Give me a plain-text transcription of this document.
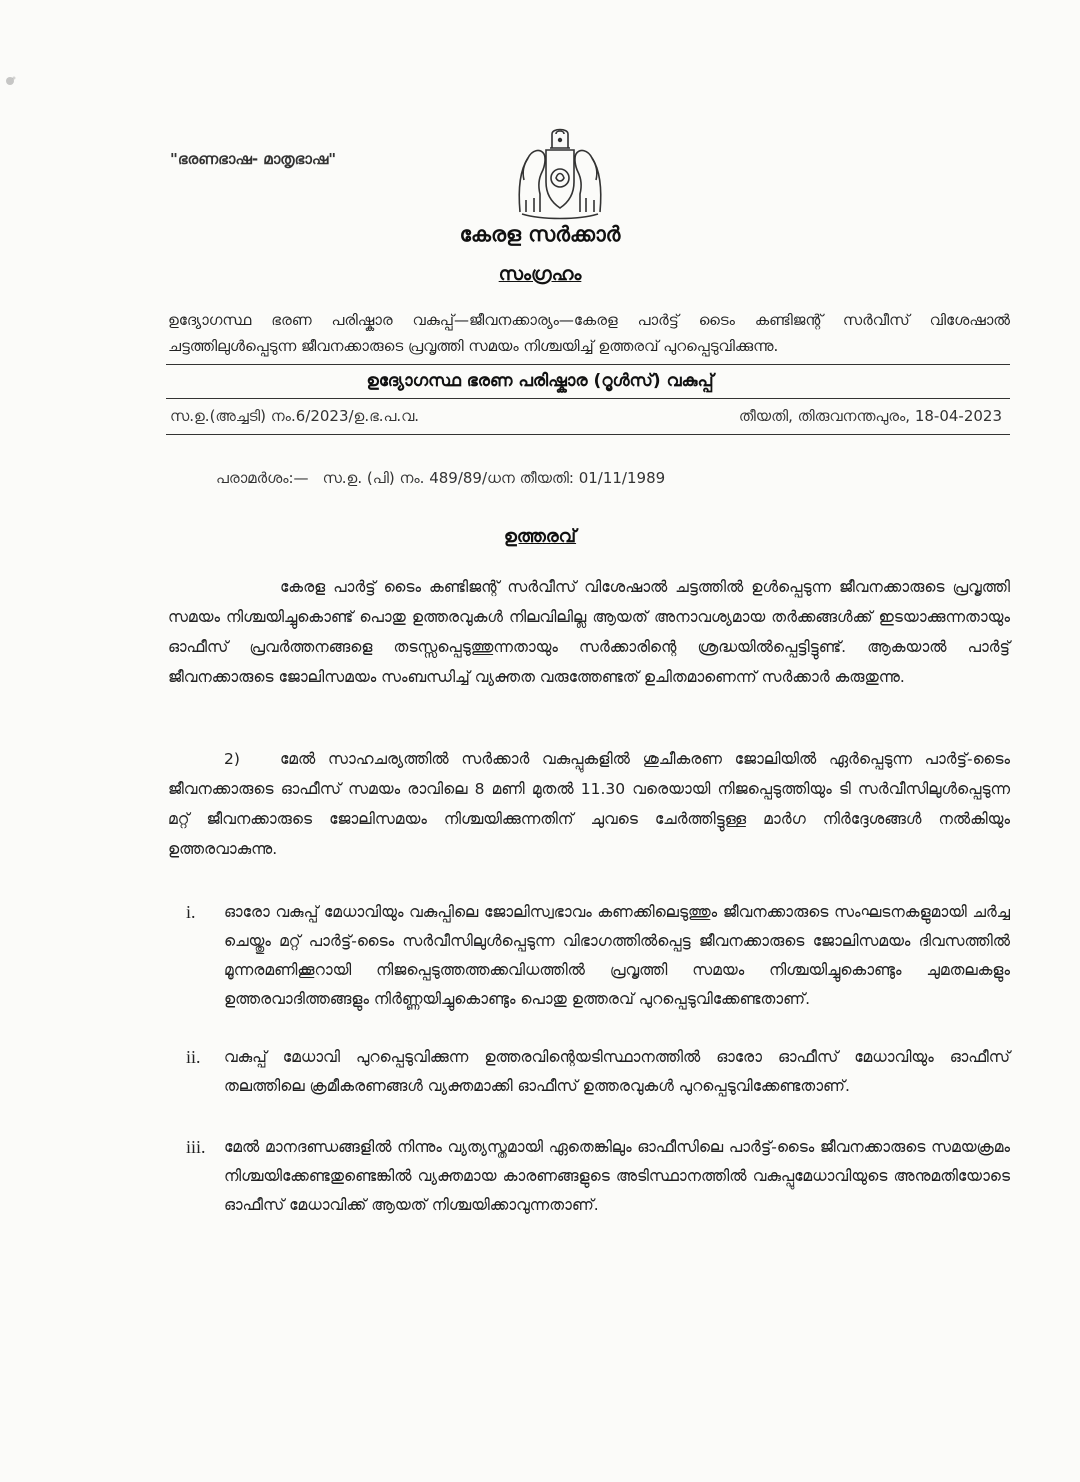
"ഭരണഭാഷ- മാതൃഭാഷ"
കേരള സർക്കാർ
സംഗ്രഹം
ഉദ്യോഗസ്ഥ ഭരണ പരിഷ്കാര വകുപ്പ്—ജീവനക്കാര്യം—കേരള പാർട്ട് ടൈം കണ്ടിജന്റ് സർവീസ് വിശേഷാൽ ചട്ടത്തിലുൾപ്പെടുന്ന ജീവനക്കാരുടെ പ്രവൃത്തി സമയം നിശ്ചയിച്ച് ഉത്തരവ് പുറപ്പെടുവിക്കുന്നു.
ഉദ്യോഗസ്ഥ ഭരണ പരിഷ്കാര (റൂൾസ്) വകുപ്പ്
സ.ഉ.(അച്ചടി) നം.6/2023/ഉ.ഭ.പ.വ.	തീയതി, തിരുവനന്തപുരം, 18-04-2023
പരാമർശം:— സ.ഉ. (പി) നം. 489/89/ധന തീയതി: 01/11/1989
ഉത്തരവ്
കേരള പാർട്ട് ടൈം കണ്ടിജന്റ് സർവീസ് വിശേഷാൽ ചട്ടത്തിൽ ഉൾപ്പെടുന്ന ജീവനക്കാരുടെ പ്രവൃത്തി സമയം നിശ്ചയിച്ചുകൊണ്ട് പൊതു ഉത്തരവുകൾ നിലവിലില്ല ആയത് അനാവശ്യമായ തർക്കങ്ങൾക്ക് ഇടയാക്കുന്നതായും ഓഫീസ് പ്രവർത്തനങ്ങളെ തടസ്സപ്പെടുത്തുന്നതായും സർക്കാരിന്റെ ശ്രദ്ധയിൽപ്പെട്ടിട്ടുണ്ട്. ആകയാൽ പാർട്ട് ജീവനക്കാരുടെ ജോലിസമയം സംബന്ധിച്ച് വ്യക്തത വരുത്തേണ്ടത് ഉചിതമാണെന്ന് സർക്കാർ കരുതുന്നു.
2)	മേൽ സാഹചര്യത്തിൽ സർക്കാർ വകുപ്പുകളിൽ ശുചീകരണ ജോലിയിൽ ഏർപ്പെടുന്ന പാർട്ട്-ടൈം ജീവനക്കാരുടെ ഓഫീസ് സമയം രാവിലെ 8 മണി മുതൽ 11.30 വരെയായി നിജപ്പെടുത്തിയും ടി സർവീസിലുൾപ്പെടുന്ന മറ്റ് ജീവനക്കാരുടെ ജോലിസമയം നിശ്ചയിക്കുന്നതിന് ചുവടെ ചേർത്തിട്ടുള്ള മാർഗ നിർദ്ദേശങ്ങൾ നൽകിയും ഉത്തരവാകുന്നു.
i.	ഓരോ വകുപ്പ് മേധാവിയും വകുപ്പിലെ ജോലിസ്വഭാവം കണക്കിലെടുത്തും ജീവനക്കാരുടെ സംഘടനകളുമായി ചർച്ച ചെയ്തും മറ്റ് പാർട്ട്-ടൈം സർവീസിലുൾപ്പെടുന്ന വിഭാഗത്തിൽപ്പെട്ട ജീവനക്കാരുടെ ജോലിസമയം ദിവസത്തിൽ മൂന്നരമണിക്കൂറായി നിജപ്പെടുത്തത്തക്കവിധത്തിൽ പ്രവൃത്തി സമയം നിശ്ചയിച്ചുകൊണ്ടും ചുമതലകളും ഉത്തരവാദിത്തങ്ങളും നിർണ്ണയിച്ചുകൊണ്ടും പൊതു ഉത്തരവ് പുറപ്പെടുവിക്കേണ്ടതാണ്.
ii.	വകുപ്പ് മേധാവി പുറപ്പെടുവിക്കുന്ന ഉത്തരവിന്റെയടിസ്ഥാനത്തിൽ ഓരോ ഓഫീസ് മേധാവിയും ഓഫീസ് തലത്തിലെ ക്രമീകരണങ്ങൾ വ്യക്തമാക്കി ഓഫീസ് ഉത്തരവുകൾ പുറപ്പെടുവിക്കേണ്ടതാണ്.
iii.	മേൽ മാനദണ്ഡങ്ങളിൽ നിന്നും വ്യത്യസ്തമായി ഏതെങ്കിലും ഓഫീസിലെ പാർട്ട്-ടൈം ജീവനക്കാരുടെ സമയക്രമം നിശ്ചയിക്കേണ്ടതുണ്ടെങ്കിൽ വ്യക്തമായ കാരണങ്ങളുടെ അടിസ്ഥാനത്തിൽ വകുപ്പുമേധാവിയുടെ അനുമതിയോടെ ഓഫീസ് മേധാവിക്ക് ആയത് നിശ്ചയിക്കാവുന്നതാണ്.
